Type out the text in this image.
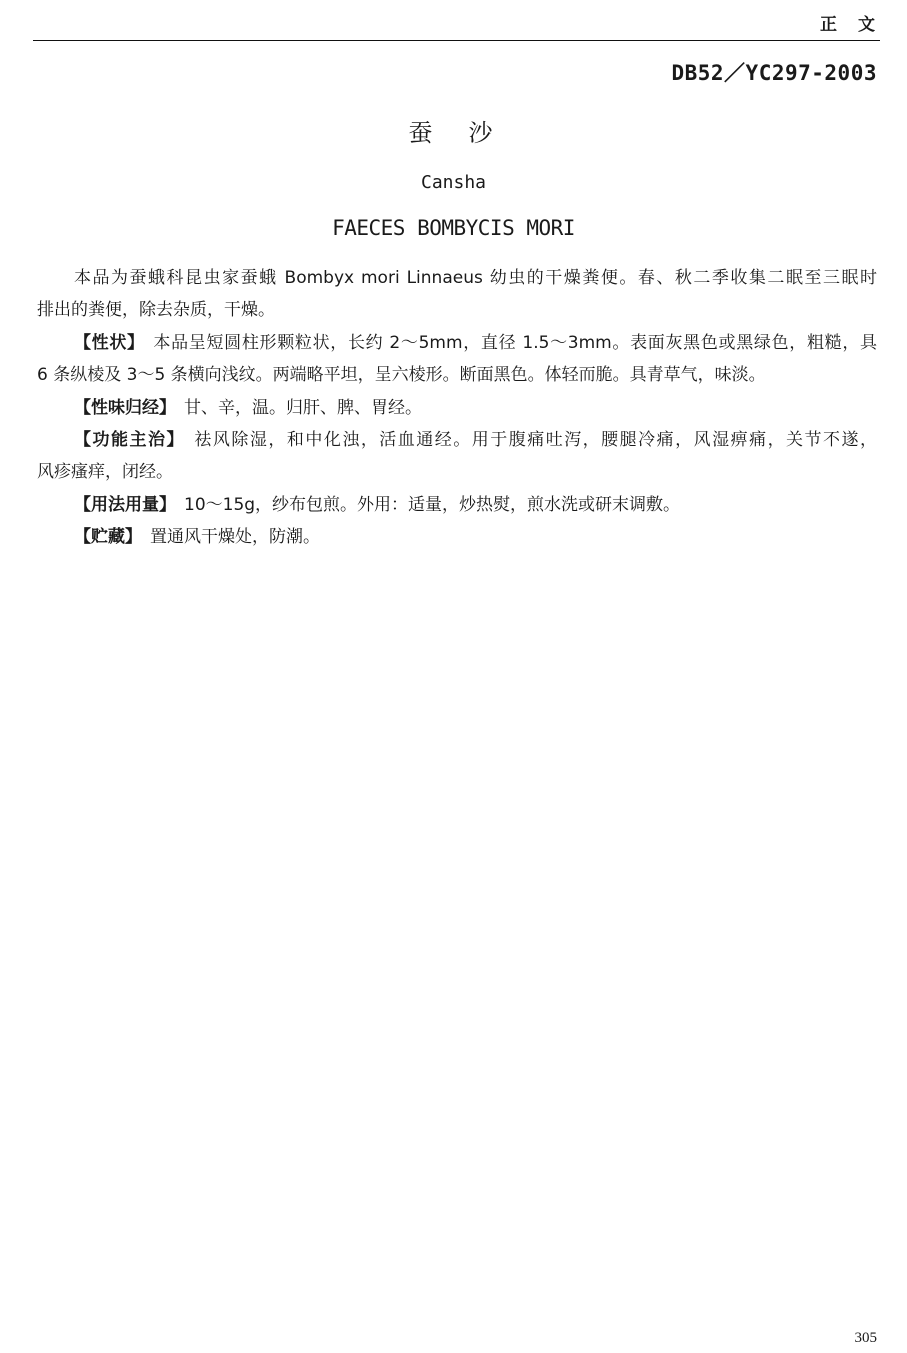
正　文
DB52／YC297-2003
蚕　沙
Cansha
FAECES BOMBYCIS MORI
本品为蚕蛾科昆虫家蚕蛾 Bombyx mori Linnaeus 幼虫的干燥粪便。春、秋二季收集二眠至三眠时
排出的粪便，除去杂质，干燥。
【性状】 本品呈短圆柱形颗粒状，长约 2～5mm，直径 1.5～3mm。表面灰黑色或黑绿色，粗糙，具
6 条纵棱及 3～5 条横向浅纹。两端略平坦，呈六棱形。断面黑色。体轻而脆。具青草气，味淡。
【性味归经】 甘、辛，温。归肝、脾、胃经。
【功能主治】 祛风除湿，和中化浊，活血通经。用于腹痛吐泻，腰腿冷痛，风湿痹痛，关节不遂，
风疹瘙痒，闭经。
【用法用量】 10～15g，纱布包煎。外用：适量，炒热熨，煎水洗或研末调敷。
【贮藏】 置通风干燥处，防潮。
305
